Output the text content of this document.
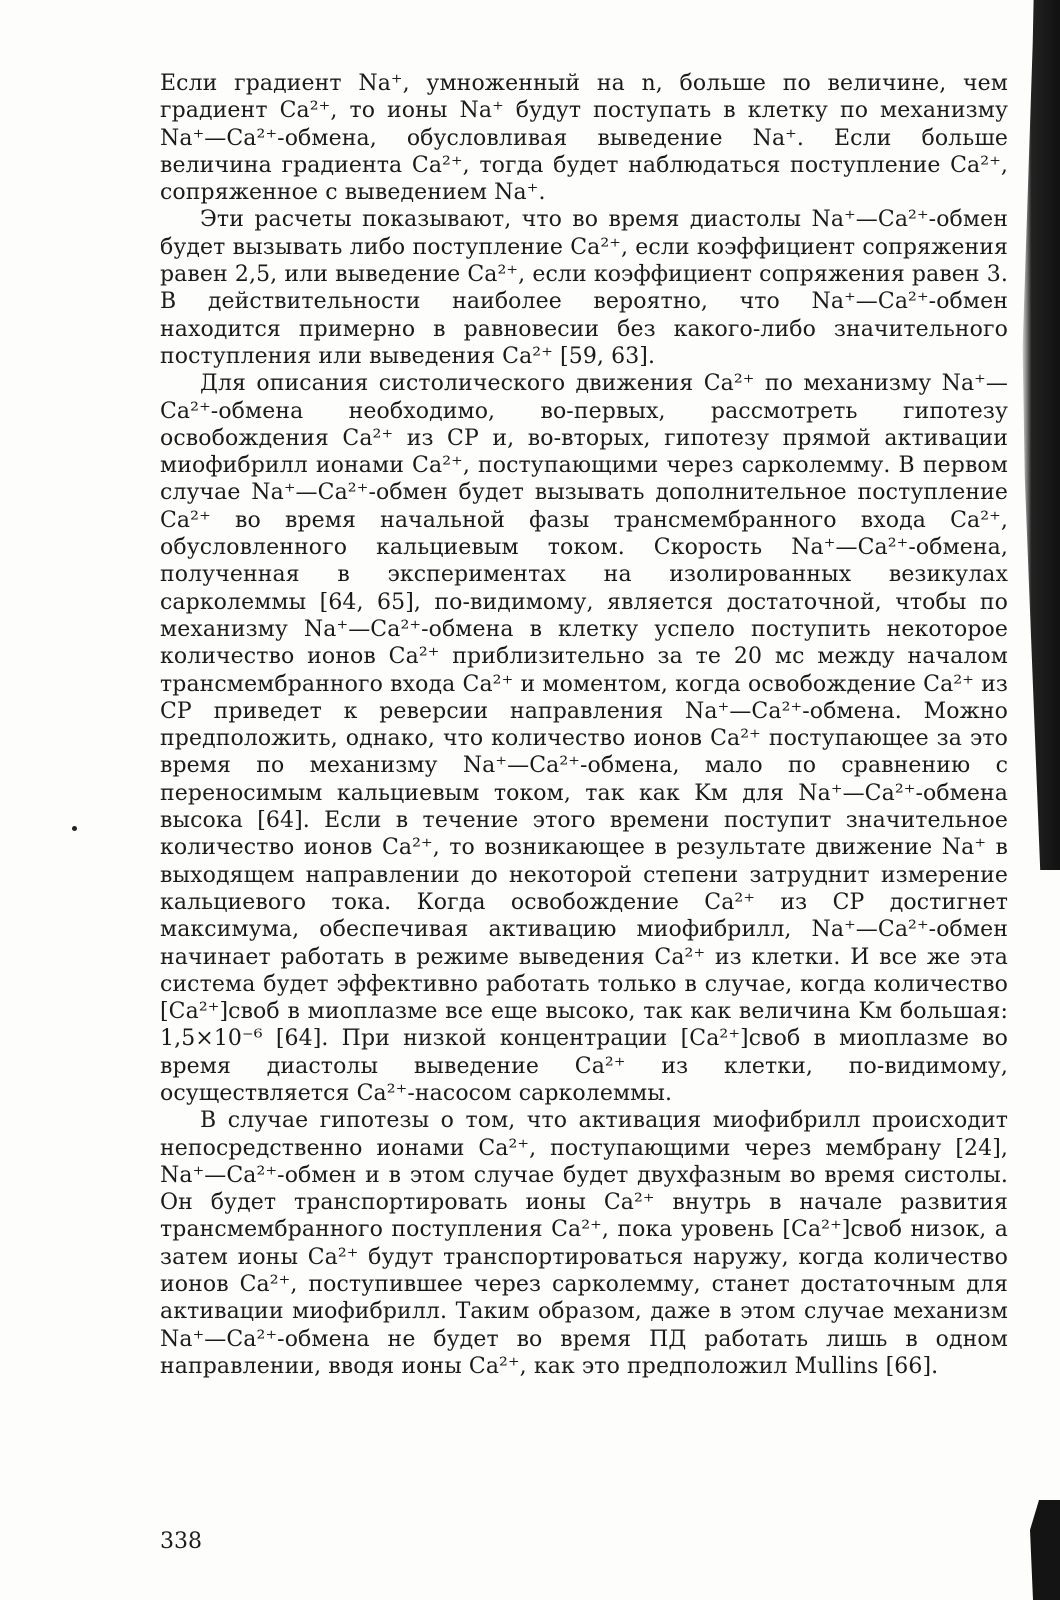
Если градиент Na⁺, умноженный на n, больше по величине, чем градиент Ca²⁺, то ионы Na⁺ будут поступать в клетку по механизму Na⁺—Ca²⁺-обмена, обусловливая выведение Na⁺. Если больше величина градиента Ca²⁺, тогда будет наблюдаться поступление Ca²⁺, сопряженное с выведением Na⁺.

Эти расчеты показывают, что во время диастолы Na⁺—Ca²⁺-обмен будет вызывать либо поступление Ca²⁺, если коэффициент сопряжения равен 2,5, или выведение Ca²⁺, если коэффициент сопряжения равен 3. В действительности наиболее вероятно, что Na⁺—Ca²⁺-обмен находится примерно в равновесии без какого-либо значительного поступления или выведения Ca²⁺ [59, 63].

Для описания систолического движения Ca²⁺ по механизму Na⁺—Ca²⁺-обмена необходимо, во-первых, рассмотреть гипотезу освобождения Ca²⁺ из СР и, во-вторых, гипотезу прямой активации миофибрилл ионами Ca²⁺, поступающими через сарколемму. В первом случае Na⁺—Ca²⁺-обмен будет вызывать дополнительное поступление Ca²⁺ во время начальной фазы трансмембранного входа Ca²⁺, обусловленного кальциевым током. Скорость Na⁺—Ca²⁺-обмена, полученная в экспериментах на изолированных везикулах сарколеммы [64, 65], по-видимому, является достаточной, чтобы по механизму Na⁺—Ca²⁺-обмена в клетку успело поступить некоторое количество ионов Ca²⁺ приблизительно за те 20 мс между началом трансмембранного входа Ca²⁺ и моментом, когда освобождение Ca²⁺ из СР приведет к реверсии направления Na⁺—Ca²⁺-обмена. Можно предположить, однако, что количество ионов Ca²⁺ поступающее за это время по механизму Na⁺—Ca²⁺-обмена, мало по сравнению с переносимым кальциевым током, так как Kм для Na⁺—Ca²⁺-обмена высока [64]. Если в течение этого времени поступит значительное количество ионов Ca²⁺, то возникающее в результате движение Na⁺ в выходящем направлении до некоторой степени затруднит измерение кальциевого тока. Когда освобождение Ca²⁺ из СР достигнет максимума, обеспечивая активацию миофибрилл, Na⁺—Ca²⁺-обмен начинает работать в режиме выведения Ca²⁺ из клетки. И все же эта система будет эффективно работать только в случае, когда количество [Ca²⁺]своб в миоплазме все еще высоко, так как величина Kм большая: 1,5×10⁻⁶ [64]. При низкой концентрации [Ca²⁺]своб в миоплазме во время диастолы выведение Ca²⁺ из клетки, по-видимому, осуществляется Ca²⁺-насосом сарколеммы.

В случае гипотезы о том, что активация миофибрилл происходит непосредственно ионами Ca²⁺, поступающими через мембрану [24], Na⁺—Ca²⁺-обмен и в этом случае будет двухфазным во время систолы. Он будет транспортировать ионы Ca²⁺ внутрь в начале развития трансмембранного поступления Ca²⁺, пока уровень [Ca²⁺]своб низок, а затем ионы Ca²⁺ будут транспортироваться наружу, когда количество ионов Ca²⁺, поступившее через сарколемму, станет достаточным для активации миофибрилл. Таким образом, даже в этом случае механизм Na⁺—Ca²⁺-обмена не будет во время ПД работать лишь в одном направлении, вводя ионы Ca²⁺, как это предположил Mullins [66].

338
